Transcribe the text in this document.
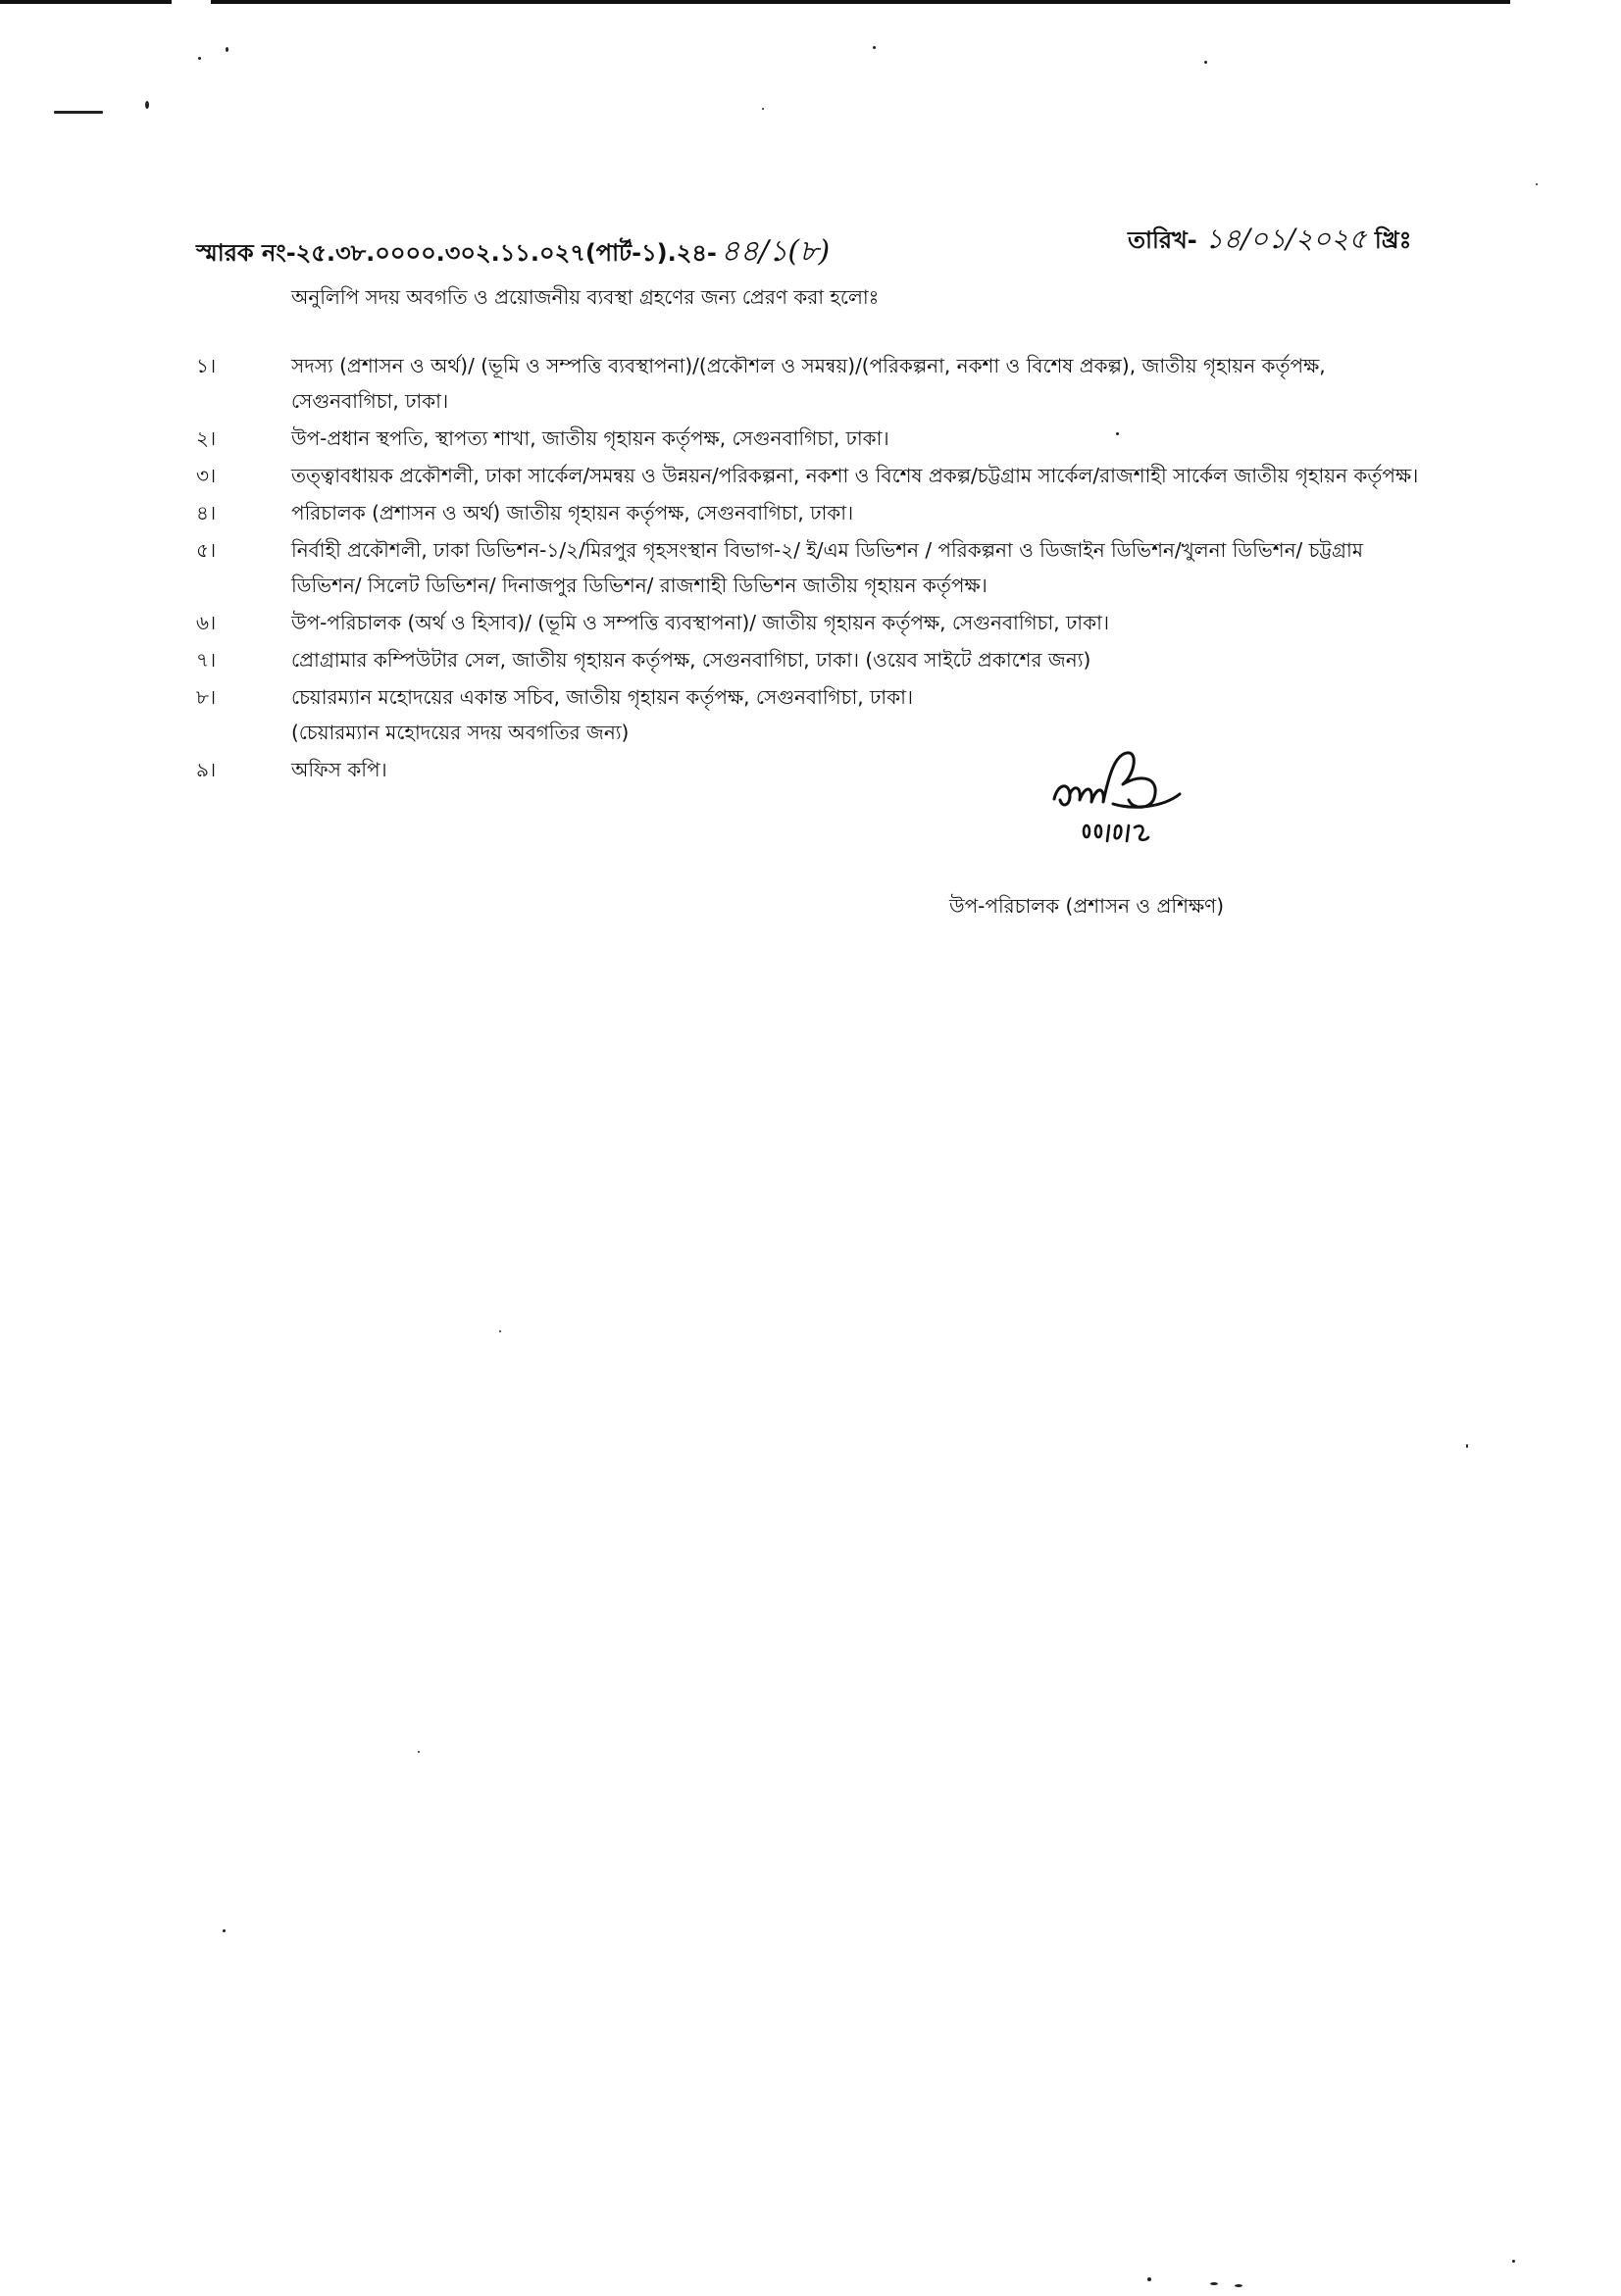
স্মারক নং-২৫.৩৮.০০০০.৩০২.১১.০২৭(পার্ট-১).২৪- ৪৪/১(৮)	তারিখ- ১৪/০১/২০২৫ খ্রিঃ
অনুলিপি সদয় অবগতি ও প্রয়োজনীয় ব্যবস্থা গ্রহণের জন্য প্রেরণ করা হলোঃ
১।	সদস্য (প্রশাসন ও অর্থ)/ (ভূমি ও সম্পত্তি ব্যবস্থাপনা)/(প্রকৌশল ও সমন্বয়)/(পরিকল্পনা, নকশা ও বিশেষ প্রকল্প), জাতীয় গৃহায়ন কর্তৃপক্ষ, সেগুনবাগিচা, ঢাকা।
২।	উপ-প্রধান স্থপতি, স্থাপত্য শাখা, জাতীয় গৃহায়ন কর্তৃপক্ষ, সেগুনবাগিচা, ঢাকা।
৩।	তত্ত্বাবধায়ক প্রকৌশলী, ঢাকা সার্কেল/সমন্বয় ও উন্নয়ন/পরিকল্পনা, নকশা ও বিশেষ প্রকল্প/চট্টগ্রাম সার্কেল/রাজশাহী সার্কেল জাতীয় গৃহায়ন কর্তৃপক্ষ।
৪।	পরিচালক (প্রশাসন ও অর্থ) জাতীয় গৃহায়ন কর্তৃপক্ষ, সেগুনবাগিচা, ঢাকা।
৫।	নির্বাহী প্রকৌশলী, ঢাকা ডিভিশন-১/২/মিরপুর গৃহসংস্থান বিভাগ-২/ ই/এম ডিভিশন / পরিকল্পনা ও ডিজাইন ডিভিশন/খুলনা ডিভিশন/ চট্টগ্রাম ডিভিশন/ সিলেট ডিভিশন/ দিনাজপুর ডিভিশন/ রাজশাহী ডিভিশন জাতীয় গৃহায়ন কর্তৃপক্ষ।
৬।	উপ-পরিচালক (অর্থ ও হিসাব)/ (ভূমি ও সম্পত্তি ব্যবস্থাপনা)/ জাতীয় গৃহায়ন কর্তৃপক্ষ, সেগুনবাগিচা, ঢাকা।
৭।	প্রোগ্রামার কম্পিউটার সেল, জাতীয় গৃহায়ন কর্তৃপক্ষ, সেগুনবাগিচা, ঢাকা। (ওয়েব সাইটে প্রকাশের জন্য)
৮।	চেয়ারম্যান মহোদয়ের একান্ত সচিব, জাতীয় গৃহায়ন কর্তৃপক্ষ, সেগুনবাগিচা, ঢাকা।
(চেয়ারম্যান মহোদয়ের সদয় অবগতির জন্য)
৯।	অফিস কপি।
উপ-পরিচালক (প্রশাসন ও প্রশিক্ষণ)
